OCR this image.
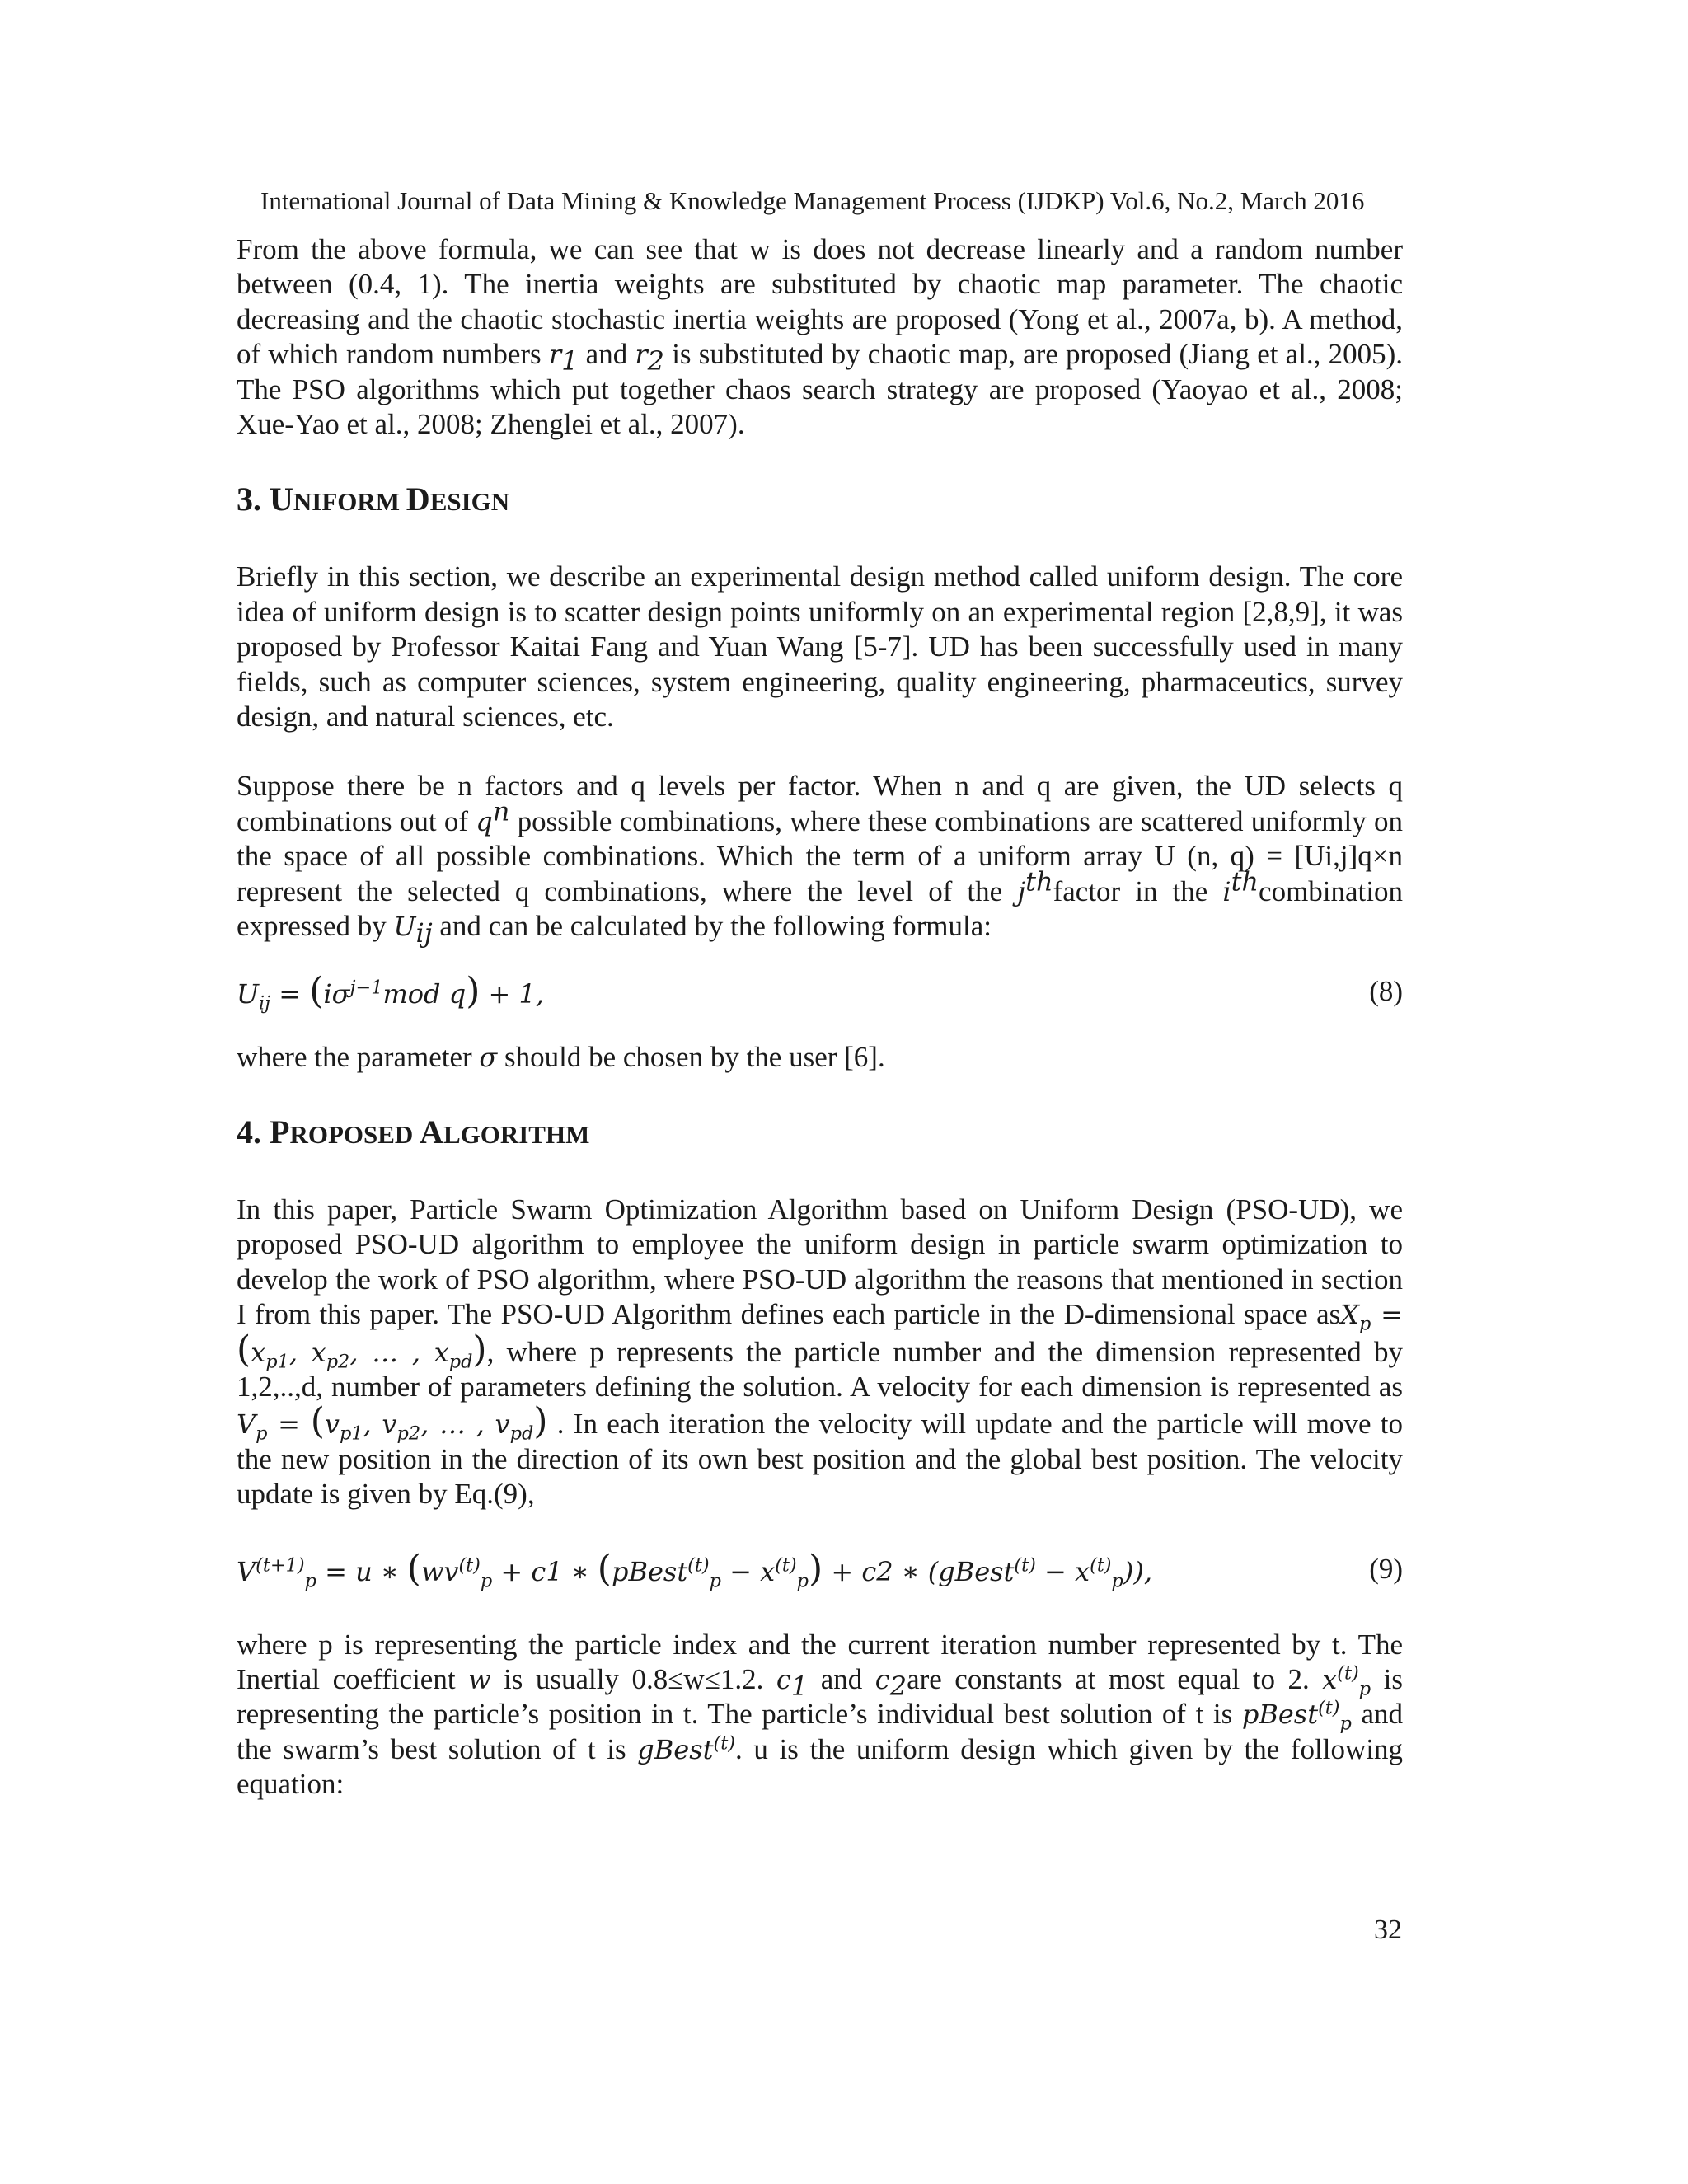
International Journal of Data Mining & Knowledge Management Process (IJDKP) Vol.6, No.2, March 2016

From the above formula, we can see that w is does not decrease linearly and a random number between (0.4, 1). The inertia weights are substituted by chaotic map parameter. The chaotic decreasing and the chaotic stochastic inertia weights are proposed (Yong et al., 2007a, b). A method, of which random numbers $r_1$ and $r_2$ is substituted by chaotic map, are proposed (Jiang et al., 2005). The PSO algorithms which put together chaos search strategy are proposed (Yaoyao et al., 2008; Xue-Yao et al., 2008; Zhenglei et al., 2007).

3. UNIFORM DESIGN

Briefly in this section, we describe an experimental design method called uniform design. The core idea of uniform design is to scatter design points uniformly on an experimental region [2,8,9], it was proposed by Professor Kaitai Fang and Yuan Wang [5-7]. UD has been successfully used in many fields, such as computer sciences, system engineering, quality engineering, pharmaceutics, survey design, and natural sciences, etc.

Suppose there be n factors and q levels per factor. When n and q are given, the UD selects q combinations out of $q^n$ possible combinations, where these combinations are scattered uniformly on the space of all possible combinations. Which the term of a uniform array U (n, q) = [Ui,j]q×n represent the selected q combinations, where the level of the $j^{th}factor$ in the $i^{th}combination$ expressed by $U_{ij}$ and can be calculated by the following formula:

$U_{ij} = (i\sigma^{j-1}mod$ q) + 1,	(8)

where the parameter σ should be chosen by the user [6].

4. PROPOSED ALGORITHM

In this paper, Particle Swarm Optimization Algorithm based on Uniform Design (PSO-UD), we proposed PSO-UD algorithm to employee the uniform design in particle swarm optimization to develop the work of PSO algorithm, where PSO-UD algorithm the reasons that mentioned in section I from this paper. The PSO-UD Algorithm defines each particle in the D-dimensional space $asX_p = (x_{p1}$, $x_{p2}$, … , $x_{pd}$), where p represents the particle number and the dimension represented by 1,2,..,d, number of parameters defining the solution. A velocity for each dimension is represented as $V_p = (v_{p1}$, $v_{p2}$, … , $v_{pd}$) . In each iteration the velocity will update and the particle will move to the new position in the direction of its own best position and the global best position. The velocity update is given by Eq.(9),

$V^{(t+1)}_p = u$ ∗ ($wv^{(t)}_p + c1$ ∗ (pBest$^{(t)}_p$ − $x^{(t)}_p) + c2$ ∗ (gBest$^{(t)}$ − $x^{(t)}_p$)),	(9)

where p is representing the particle index and the current iteration number represented by t. The Inertial coefficient w is usually 0.8≤w≤1.2. $c_1$ and $c_2are$ constants at most equal to 2. $x^{(t)}_p$ is representing the particle’s position in t. The particle’s individual best solution of t is pBest$^{(t)}_p$ and the swarm’s best solution of t is gBest$^{(t)}$. u is the uniform design which given by the following equation:

32
